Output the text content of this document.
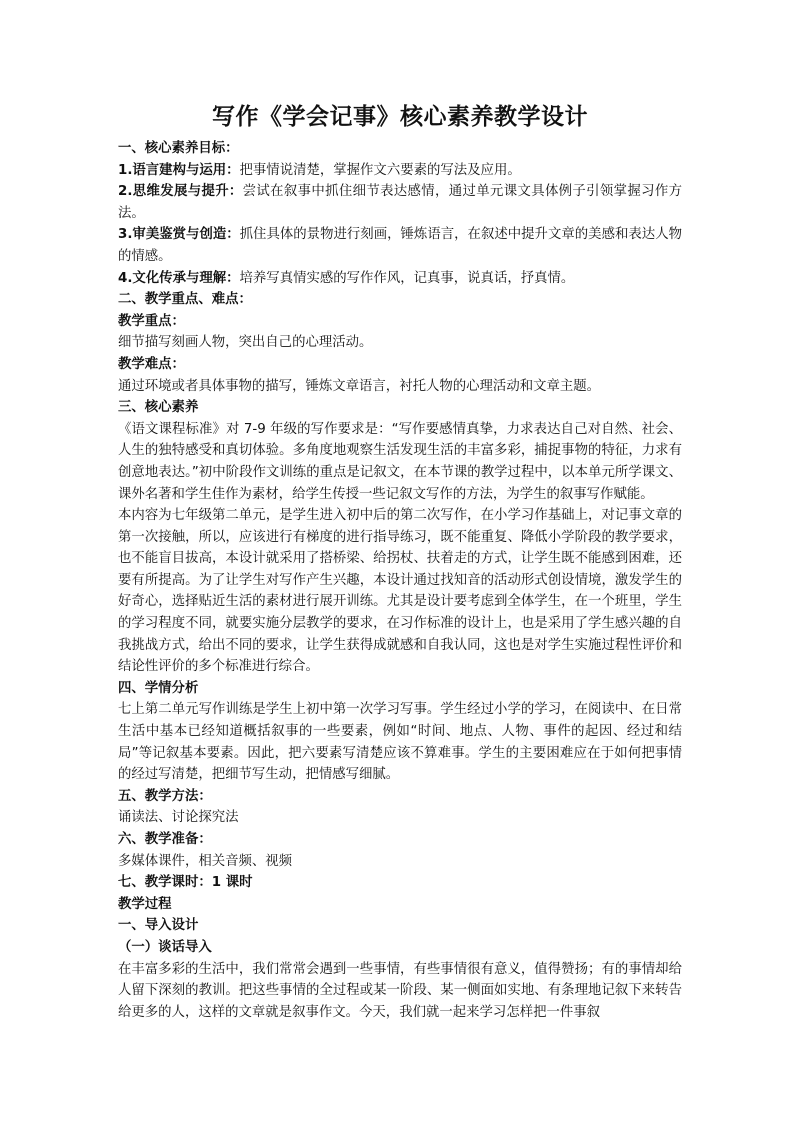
写作《学会记事》核心素养教学设计

一、核心素养目标：

1.语言建构与运用：把事情说清楚，掌握作文六要素的写法及应用。

2.思维发展与提升：尝试在叙事中抓住细节表达感情，通过单元课文具体例子引领掌握习作方法。

3.审美鉴赏与创造：抓住具体的景物进行刻画，锤炼语言，在叙述中提升文章的美感和表达人物的情感。

4.文化传承与理解：培养写真情实感的写作作风，记真事，说真话，抒真情。

二、教学重点、难点：

教学重点：

细节描写刻画人物，突出自己的心理活动。

教学难点：

通过环境或者具体事物的描写，锤炼文章语言，衬托人物的心理活动和文章主题。

三、核心素养

《语文课程标准》对 7-9 年级的写作要求是：“写作要感情真挚，力求表达自己对自然、社会、人生的独特感受和真切体验。多角度地观察生活发现生活的丰富多彩，捕捉事物的特征，力求有创意地表达。”初中阶段作文训练的重点是记叙文，在本节课的教学过程中，以本单元所学课文、课外名著和学生佳作为素材，给学生传授一些记叙文写作的方法，为学生的叙事写作赋能。

本内容为七年级第二单元，是学生进入初中后的第二次写作，在小学习作基础上，对记事文章的第一次接触，所以，应该进行有梯度的进行指导练习，既不能重复、降低小学阶段的教学要求，也不能盲目拔高，本设计就采用了搭桥梁、给拐杖、扶着走的方式，让学生既不能感到困难，还要有所提高。为了让学生对写作产生兴趣，本设计通过找知音的活动形式创设情境，激发学生的好奇心，选择贴近生活的素材进行展开训练。尤其是设计要考虑到全体学生，在一个班里，学生的学习程度不同，就要实施分层教学的要求，在习作标准的设计上，也是采用了学生感兴趣的自我挑战方式，给出不同的要求，让学生获得成就感和自我认同，这也是对学生实施过程性评价和结论性评价的多个标准进行综合。

四、学情分析

七上第二单元写作训练是学生上初中第一次学习写事。学生经过小学的学习，在阅读中、在日常生活中基本已经知道概括叙事的一些要素，例如“时间、地点、人物、事件的起因、经过和结局”等记叙基本要素。因此，把六要素写清楚应该不算难事。学生的主要困难应在于如何把事情的经过写清楚，把细节写生动，把情感写细腻。

五、教学方法：

诵读法、讨论探究法

六、教学准备：

多媒体课件，相关音频、视频

七、教学课时：1 课时

教学过程

一、导入设计

（一）谈话导入

在丰富多彩的生活中，我们常常会遇到一些事情，有些事情很有意义，值得赞扬；有的事情却给人留下深刻的教训。把这些事情的全过程或某一阶段、某一侧面如实地、有条理地记叙下来转告给更多的人，这样的文章就是叙事作文。今天，我们就一起来学习怎样把一件事叙
